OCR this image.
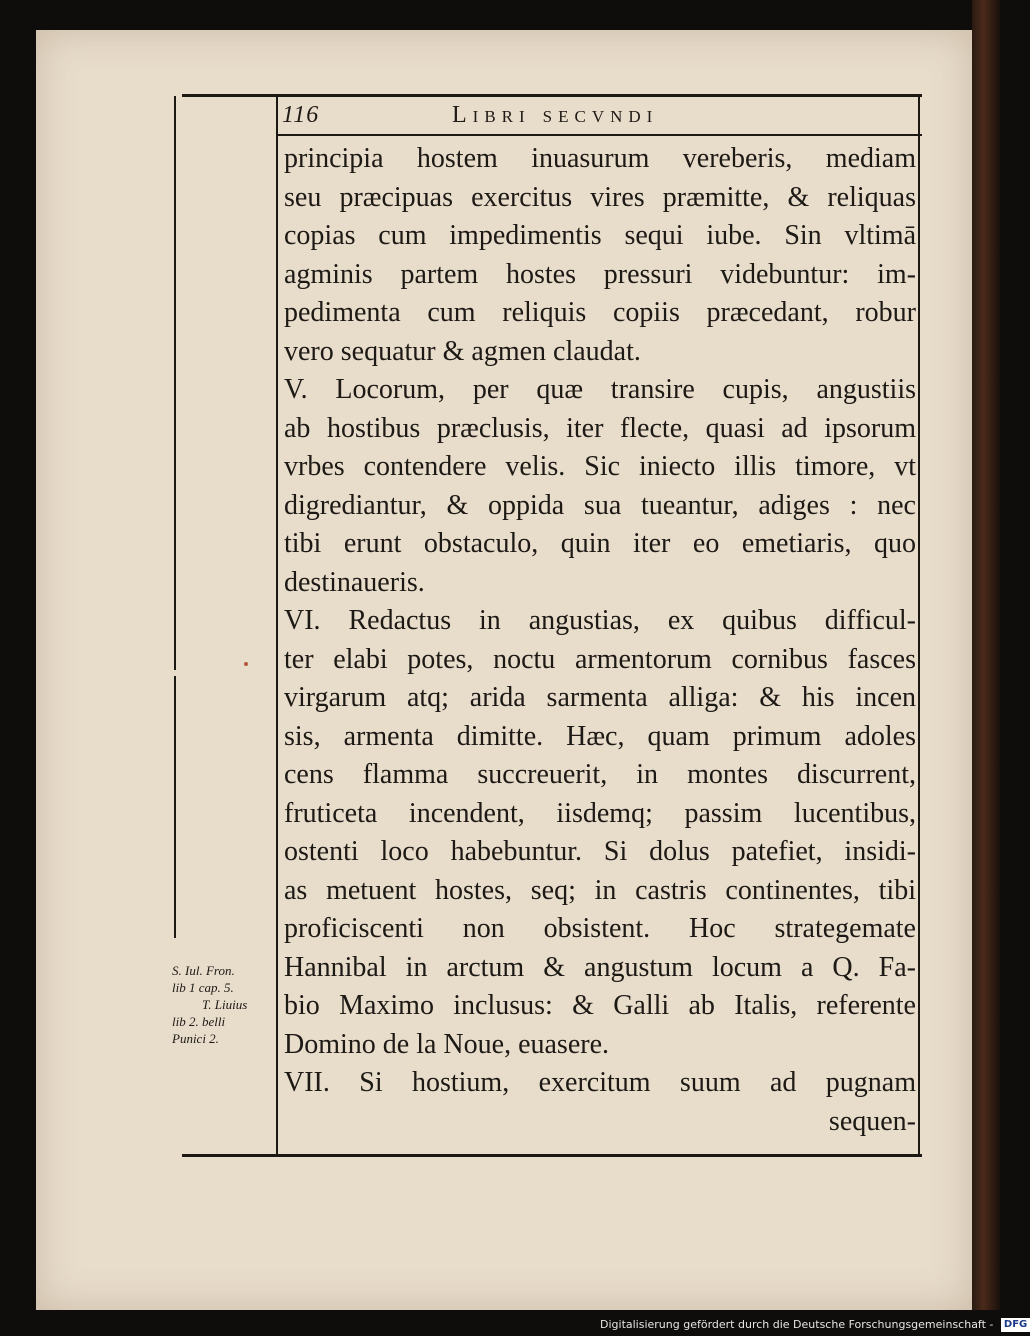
116	Libri secvndi
principia hostem inuasurum vereberis, mediam
seu præcipuas exercitus vires præmitte, & reliquas
copias cum impedimentis sequi iube. Sin vltimā
agminis partem hostes pressuri videbuntur: im-
pedimenta cum reliquis copiis præcedant, robur
vero sequatur & agmen claudat.
V. Locorum, per quæ transire cupis, angustiis
ab hostibus præclusis, iter flecte, quasi ad ipsorum
vrbes contendere velis. Sic iniecto illis timore, vt
digrediantur, & oppida sua tueantur, adiges : nec
tibi erunt obstaculo, quin iter eo emetiaris, quo
destinaueris.
VI. Redactus in angustias, ex quibus difficul-
ter elabi potes, noctu armentorum cornibus fasces
virgarum atq; arida sarmenta alliga: & his incen
sis, armenta dimitte. Hæc, quam primum adoles
cens flamma succreuerit, in montes discurrent,
fruticeta incendent, iisdemq; passim lucentibus,
ostenti loco habebuntur. Si dolus patefiet, insidi-
as metuent hostes, seq; in castris continentes, tibi
proficiscenti non obsistent. Hoc strategemate
Hannibal in arctum & angustum locum a Q. Fa-
bio Maximo inclusus: & Galli ab Italis, referente
Domino de la Noue, euasere.
VII. Si hostium, exercitum suum ad pugnam
sequen-
S. Iul. Fron.
lib 1 cap. 5.
T. Liuius
lib 2. belli
Punici 2.
Digitalisierung gefördert durch die Deutsche Forschungsgemeinschaft - DFG
